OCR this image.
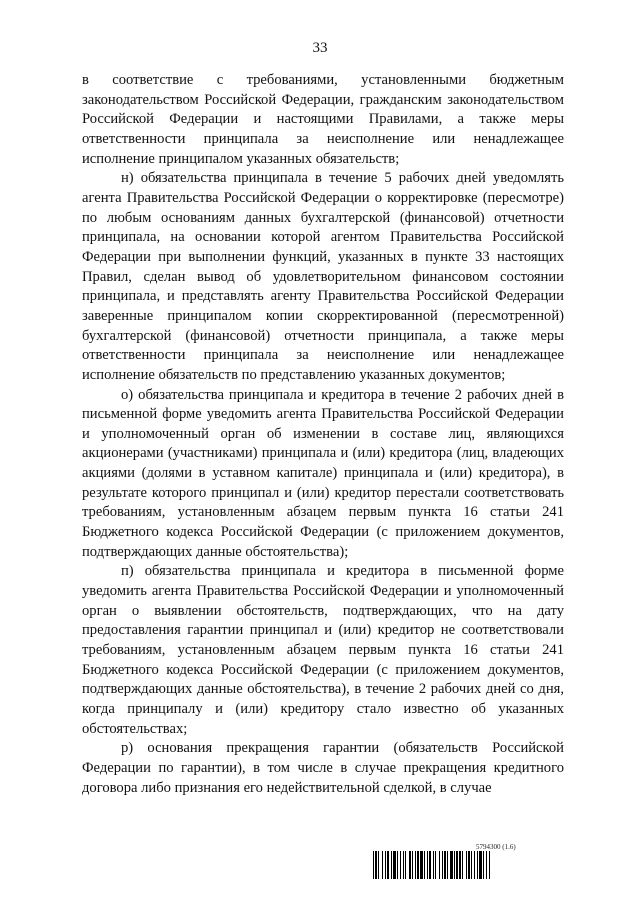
33

в соответствие с требованиями, установленными бюджетным законодательством Российской Федерации, гражданским законодательством Российской Федерации и настоящими Правилами, а также меры ответственности принципала за неисполнение или ненадлежащее исполнение принципалом указанных обязательств;

н) обязательства принципала в течение 5 рабочих дней уведомлять агента Правительства Российской Федерации о корректировке (пересмотре) по любым основаниям данных бухгалтерской (финансовой) отчетности принципала, на основании которой агентом Правительства Российской Федерации при выполнении функций, указанных в пункте 33 настоящих Правил, сделан вывод об удовлетворительном финансовом состоянии принципала, и представлять агенту Правительства Российской Федерации заверенные принципалом копии скорректированной (пересмотренной) бухгалтерской (финансовой) отчетности принципала, а также меры ответственности принципала за неисполнение или ненадлежащее исполнение обязательств по представлению указанных документов;

о) обязательства принципала и кредитора в течение 2 рабочих дней в письменной форме уведомить агента Правительства Российской Федерации и уполномоченный орган об изменении в составе лиц, являющихся акционерами (участниками) принципала и (или) кредитора (лиц, владеющих акциями (долями в уставном капитале) принципала и (или) кредитора), в результате которого принципал и (или) кредитор перестали соответствовать требованиям, установленным абзацем первым пункта 16 статьи 241 Бюджетного кодекса Российской Федерации (с приложением документов, подтверждающих данные обстоятельства);

п) обязательства принципала и кредитора в письменной форме уведомить агента Правительства Российской Федерации и уполномоченный орган о выявлении обстоятельств, подтверждающих, что на дату предоставления гарантии принципал и (или) кредитор не соответствовали требованиям, установленным абзацем первым пункта 16 статьи 241 Бюджетного кодекса Российской Федерации (с приложением документов, подтверждающих данные обстоятельства), в течение 2 рабочих дней со дня, когда принципалу и (или) кредитору стало известно об указанных обстоятельствах;

р) основания прекращения гарантии (обязательств Российской Федерации по гарантии), в том числе в случае прекращения кредитного договора либо признания его недействительной сделкой, в случае

5794300 (1.6)
